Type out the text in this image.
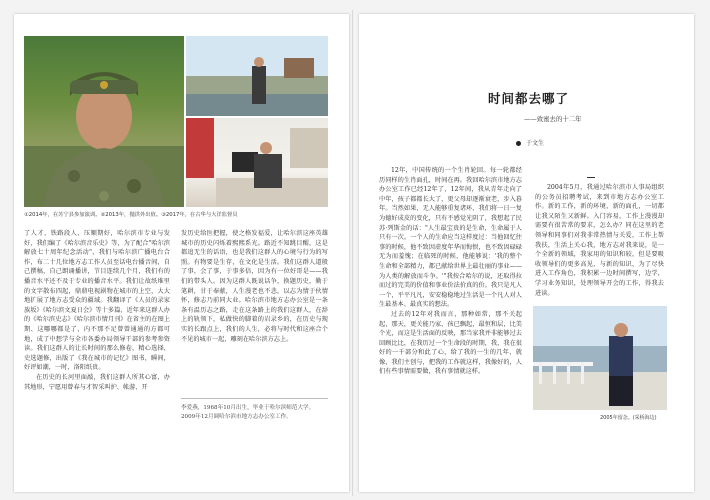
①2014年，在苏宁县参加演训。②2013年，抛洪外出值。③2017年，在古华与大洋监督员

了人才、铁路段人、压顺期好，哈尔滨市专业与发好，我们编了《哈尔滨音乐史》等，为了配合"哈尔滨解放七十周年纪念活动"，我们与哈尔滨广播电台合作，布二十几位地方志工作人员至话电台播音间，自己撰稿，自己朗诵播讲，节目连续几个月，我们有的播音水平还不及于专业的播音水平。我们让故纸堆里的文字散布四起，鼎鼎电视剧物在城市的上空，大大地扩展了地方志受众的疆域。我翻译了《人员的录家族坂》《哈尔滨文夏日会》等十多篇，近年来这群人办的《哈尔滨史志》《哈尔滨市情月刊》在省主的在图上期、这哪哪都是了，内不那不足曾曾通通的方都可地，成了中想学与全市各委办局领导干部的参考参资读。我们这群人的让长时间的那么修卷，精心选择，史选题修，出版了《我在城市的记忆》图书，瞬间，好评如潮，一时，洛阳纸贵。

在历史的长河里面敲，我们这群人所其心富，办其地形，宁愿用曾春与才智采叫护、帐游、开

发历史给医把握，使之格发福爱，让哈尔滨这座英雄城市的历史闪烁着熙熙系光。路近不知跳目醒，这是都追无生的话语，也是我们这群人的心境与行为的写照。有物要是生存，在文化是生活。我们这群人道般了事，会了事，于事多倍，因为有一位好哥是——我们的带头人。因为这群人既说话争，换题历史，勤于笔耕，甘于奉献，人生漫老也不悲，以志为情于伙情怀，修志乃前同大业。哈尔滨市地方志办公室是一条条有温历志之路，走在这条路上的我们这群人，在辞上的轨领下，私做快的脚着的岩录乡的，在历史与现实的长跟点上，我们的人生，必将与时代和这座合个不见的城市一起，雕刻在哈尔滨方志上。

李爱燕，1968年10月出生，毕业于哈尔滨师范大学。2009年12月调哈尔滨市地方志办公室工作。
时间都去哪了
——致蜜去的十二年
于文生

12年，中国传统的一个生肖轮回。每一轮都经历同样的生肖面孔，时间在再。我回哈尔滨市地方志办公室工作已经12年了，12年间，我从青年走向了中年，孩子都都长大了，更父母却逐渐衰老，步入暮年。当然如果，无人能够重复诸环，我们将一日一复为德好成皮的变化，只有不感觉光阴了，我想起了民苏·列斯金的话："人生最宝贵的是生命，生命属于人只有一次。一个人的生命应当这样度过：当他回忆往事的时候，他不致因虚度年华而悔恨，也不致因碌碌无为而羞愧；在临死的时候，他能够说：'我的整个生命和全部精力，都已献给世界上最壮丽的事业——为人类的解放而斗争。'"我按合哈尔的说，还取得拉而过的完美的价值和事业价法价真的价。我只是凡人一个，平平凡凡，安安稳稳地过生活是一个凡人对人生最基本、最真实的想法。

过去的12年对我而言，那种如常，那不关起起，那天，更关能乃家，孩已飘起，最恒和层，比美个光，而这是生活面的反映，那当家我并非能够过去回顾比比，在我历过一个生命段的时期，我，我在很好的一千部分和此了心，给了我的一生的几年，就像，我们主创与，把我的工作就这样，我像好的，人们有些事情需要做，我有事情就这样。

2004年5月，我通过哈尔滨市人事局组织的公务员招聘考试，来到市地方志办公室工作。新的工作，新的环境，新的面孔，一切都让我又陌生又新鲜。入门容易，工作上漫漫却需要有很苦常的要求，怎么办？同在这里的老领导和同事们对我非常热情与关爱，工作上帮我扶，生活上关心我，地方志对我来说，是一个全新的领域，我家用的知识和较，但是要吸收领导们的更多高见，与新的知识，为了尽快进入工作角色，我积累一边时间撰写，边学，学习业务知识，处理领导开会的工作，得我去进读。

2005年留念。(采桥海边)
